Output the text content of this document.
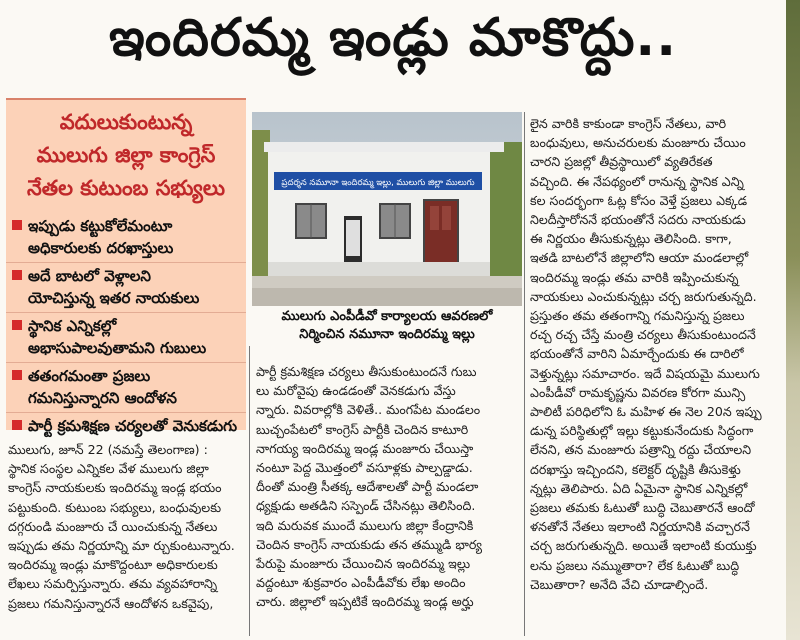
ఇందిరమ్మ ఇండ్లు మాకొద్దు..
వదులుకుంటున్న
ములుగు జిల్లా కాంగ్రెస్
నేతల కుటుంబ సభ్యులు
ఇప్పుడు కట్టుకోలేమంటూ
అధికారులకు దరఖాస్తులు
అదే బాటలో వెళ్లాలని
యోచిస్తున్న ఇతర నాయకులు
స్థానిక ఎన్నికల్లో
అభాసుపాలవుతామని గుబులు
తతంగమంతా ప్రజలు
గమనిస్తున్నారని ఆందోళన
పార్టీ క్రమశిక్షణ చర్యలతో వెనుకడుగు
ప్రదర్శన నమూనా ఇందిరమ్మ ఇల్లు, ములుగు జిల్లా ములుగు
ములుగు ఎంపీడీవో కార్యాలయ ఆవరణలో
నిర్మించిన నమూనా ఇందిరమ్మ ఇల్లు

ములుగు, జూన్ 22 (నమస్తే తెలంగాణ) :

స్థానిక సంస్థల ఎన్నికల వేళ ములుగు జిల్లా

కాంగ్రెస్ నాయకులకు ఇందిరమ్మ ఇండ్ల భయం

పట్టుకుంది. కుటుంబ సభ్యులు, బంధువులకు

దగ్గరుండి మంజూరు చే యించుకున్న నేతలు

ఇప్పుడు తమ నిర్ణయాన్ని మా ర్చుకుంటున్నారు.

ఇందిరమ్మ ఇండ్లు మాకొద్దంటూ అధికారులకు

లేఖలు సమర్పిస్తున్నారు. తమ వ్యవహారాన్ని

ప్రజలు గమనిస్తున్నారనే ఆందోళన ఒకవైపు,

పార్టీ క్రమశిక్షణ చర్యలు తీసుకుంటుందనే గుబు

లు మరోవైపు ఉండడంతో వెనకడుగు వేస్తు

న్నారు. వివరాల్లోకి వెళితే.. మంగపేట మండలం

బుచ్చంపేటలో కాంగ్రెస్ పార్టీకి చెందిన కాటూరి

నాగయ్య ఇందిరమ్మ ఇండ్ల మంజూరు చేయిస్తా

నంటూ పెద్ద మొత్తంలో వసూళ్లకు పాల్పడ్డాడు.

దీంతో మంత్రి సీతక్క ఆదేశాలతో పార్టీ మండలా

ధ్యక్షుడు అతడిని సస్పెండ్ చేసినట్లు తెలిసింది.

ఇది మరువక ముందే ములుగు జిల్లా కేంద్రానికి

చెందిన కాంగ్రెస్ నాయకుడు తన తమ్ముడి భార్య

పేరుపై మంజూరు చేయించిన ఇందిరమ్మ ఇల్లు

వద్దంటూ శుక్రవారం ఎంపీడీవోకు లేఖ అందిం

చారు. జిల్లాలో ఇప్పటికే ఇందిరమ్మ ఇండ్ల అర్హు

లైన వారికి కాకుండా కాంగ్రెస్ నేతలు, వారి

బంధువులు, అనుచరులకు మంజూరు చేయిం

చారని ప్రజల్లో తీవ్రస్థాయిలో వ్యతిరేకత

వచ్చింది. ఈ నేపథ్యంలో రానున్న స్థానిక ఎన్ని

కల సందర్భంగా ఓట్ల కోసం వెళ్తే ప్రజలు ఎక్కడ

నిలదీస్తారోననే భయంతోనే సదరు నాయకుడు

ఈ నిర్ణయం తీసుకున్నట్లు తెలిసింది. కాగా,

ఇతడి బాటలోనే జిల్లాలోని ఆయా మండలాల్లో

ఇందిరమ్మ ఇండ్లు తమ వారికి ఇప్పించుకున్న

నాయకులు ఎంచుకున్నట్లు చర్చ జరుగుతున్నది.

ప్రస్తుతం తమ తతంగాన్ని గమనిస్తున్న ప్రజలు

రచ్చ రచ్చ చేస్తే మంత్రి చర్యలు తీసుకుంటుందనే

భయంతోనే వారిని ఏమార్చేందుకు ఈ దారిలో

వెళ్తున్నట్లు సమాచారం. ఇదే విషయమై ములుగు

ఎంపీడీవో రామకృష్ణను వివరణ కోరగా మున్సి

పాలిటీ పరిధిలోని ఓ మహిళ ఈ నెల 20న ఇప్పు

డున్న పరిస్థితుల్లో ఇల్లు కట్టుకునేందుకు సిద్ధంగా

లేనని, తన మంజూరు పత్రాన్ని రద్దు చేయాలని

దరఖాస్తు ఇచ్చిందని, కలెక్టర్ దృష్టికి తీసుకెళ్తు

న్నట్లు తెలిపారు. ఏది ఏమైనా స్థానిక ఎన్నికల్లో

ప్రజలు తమకు ఓటుతో బుద్ధి చెబుతారనే ఆందో

ళనతోనే నేతలు ఇలాంటి నిర్ణయానికి వచ్చారనే

చర్చ జరుగుతున్నది. అయితే ఇలాంటి కుయుక్తు

లను ప్రజలు నమ్ముతారా? లేక ఓటుతో బుద్ధి

చెబుతారా? అనేది వేచి చూడాల్సిందే.
